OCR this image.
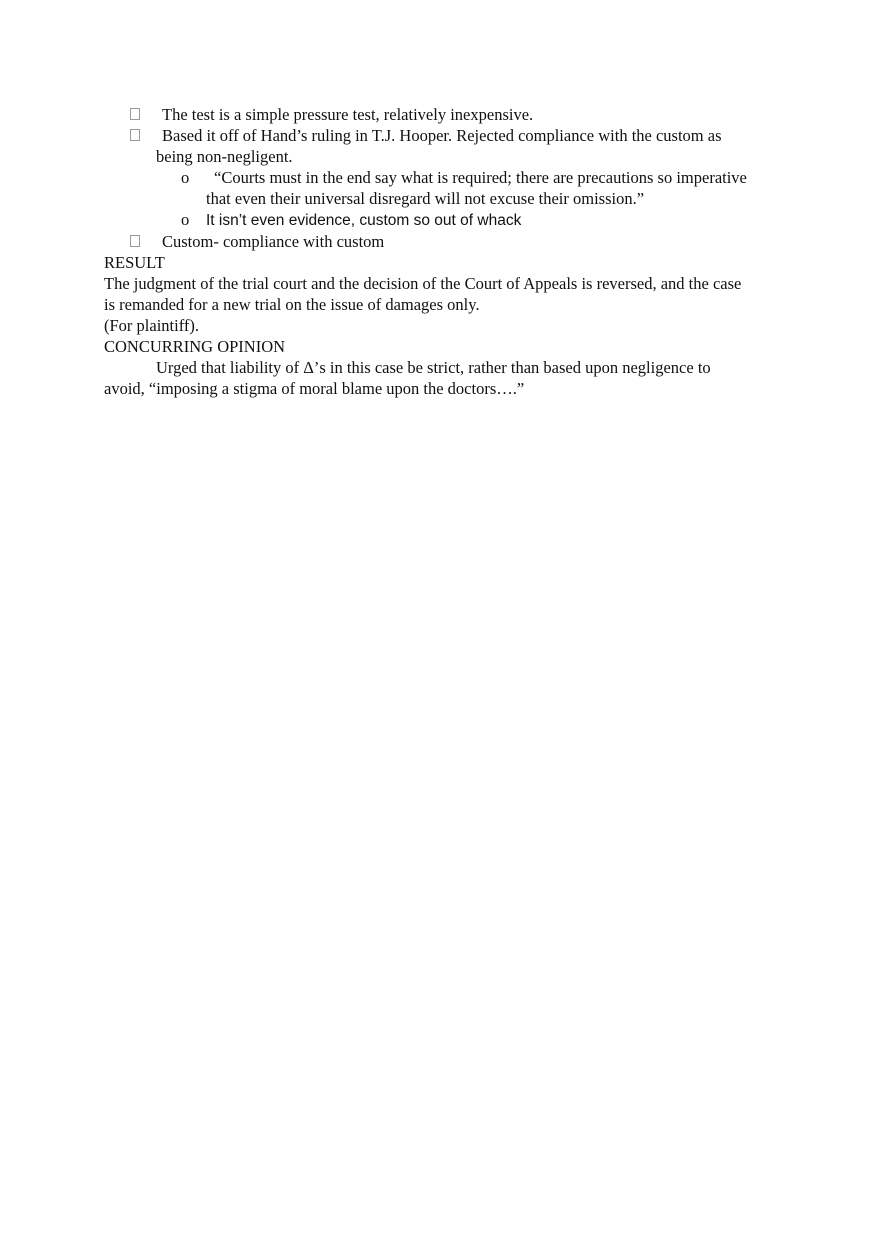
The test is a simple pressure test, relatively inexpensive.
Based it off of Hand’s ruling in T.J. Hooper. Rejected compliance with the custom as being non-negligent.
o	“Courts must in the end say what is required; there are precautions so imperative that even their universal disregard will not excuse their omission.”
o It isn’t even evidence, custom so out of whack
Custom- compliance with custom

RESULT

The judgment of the trial court and the decision of the Court of Appeals is reversed, and the case is remanded for a new trial on the issue of damages only.

(For plaintiff).

CONCURRING OPINION

Urged that liability of Δ’s in this case be strict, rather than based upon negligence to avoid, “imposing a stigma of moral blame upon the doctors….”
